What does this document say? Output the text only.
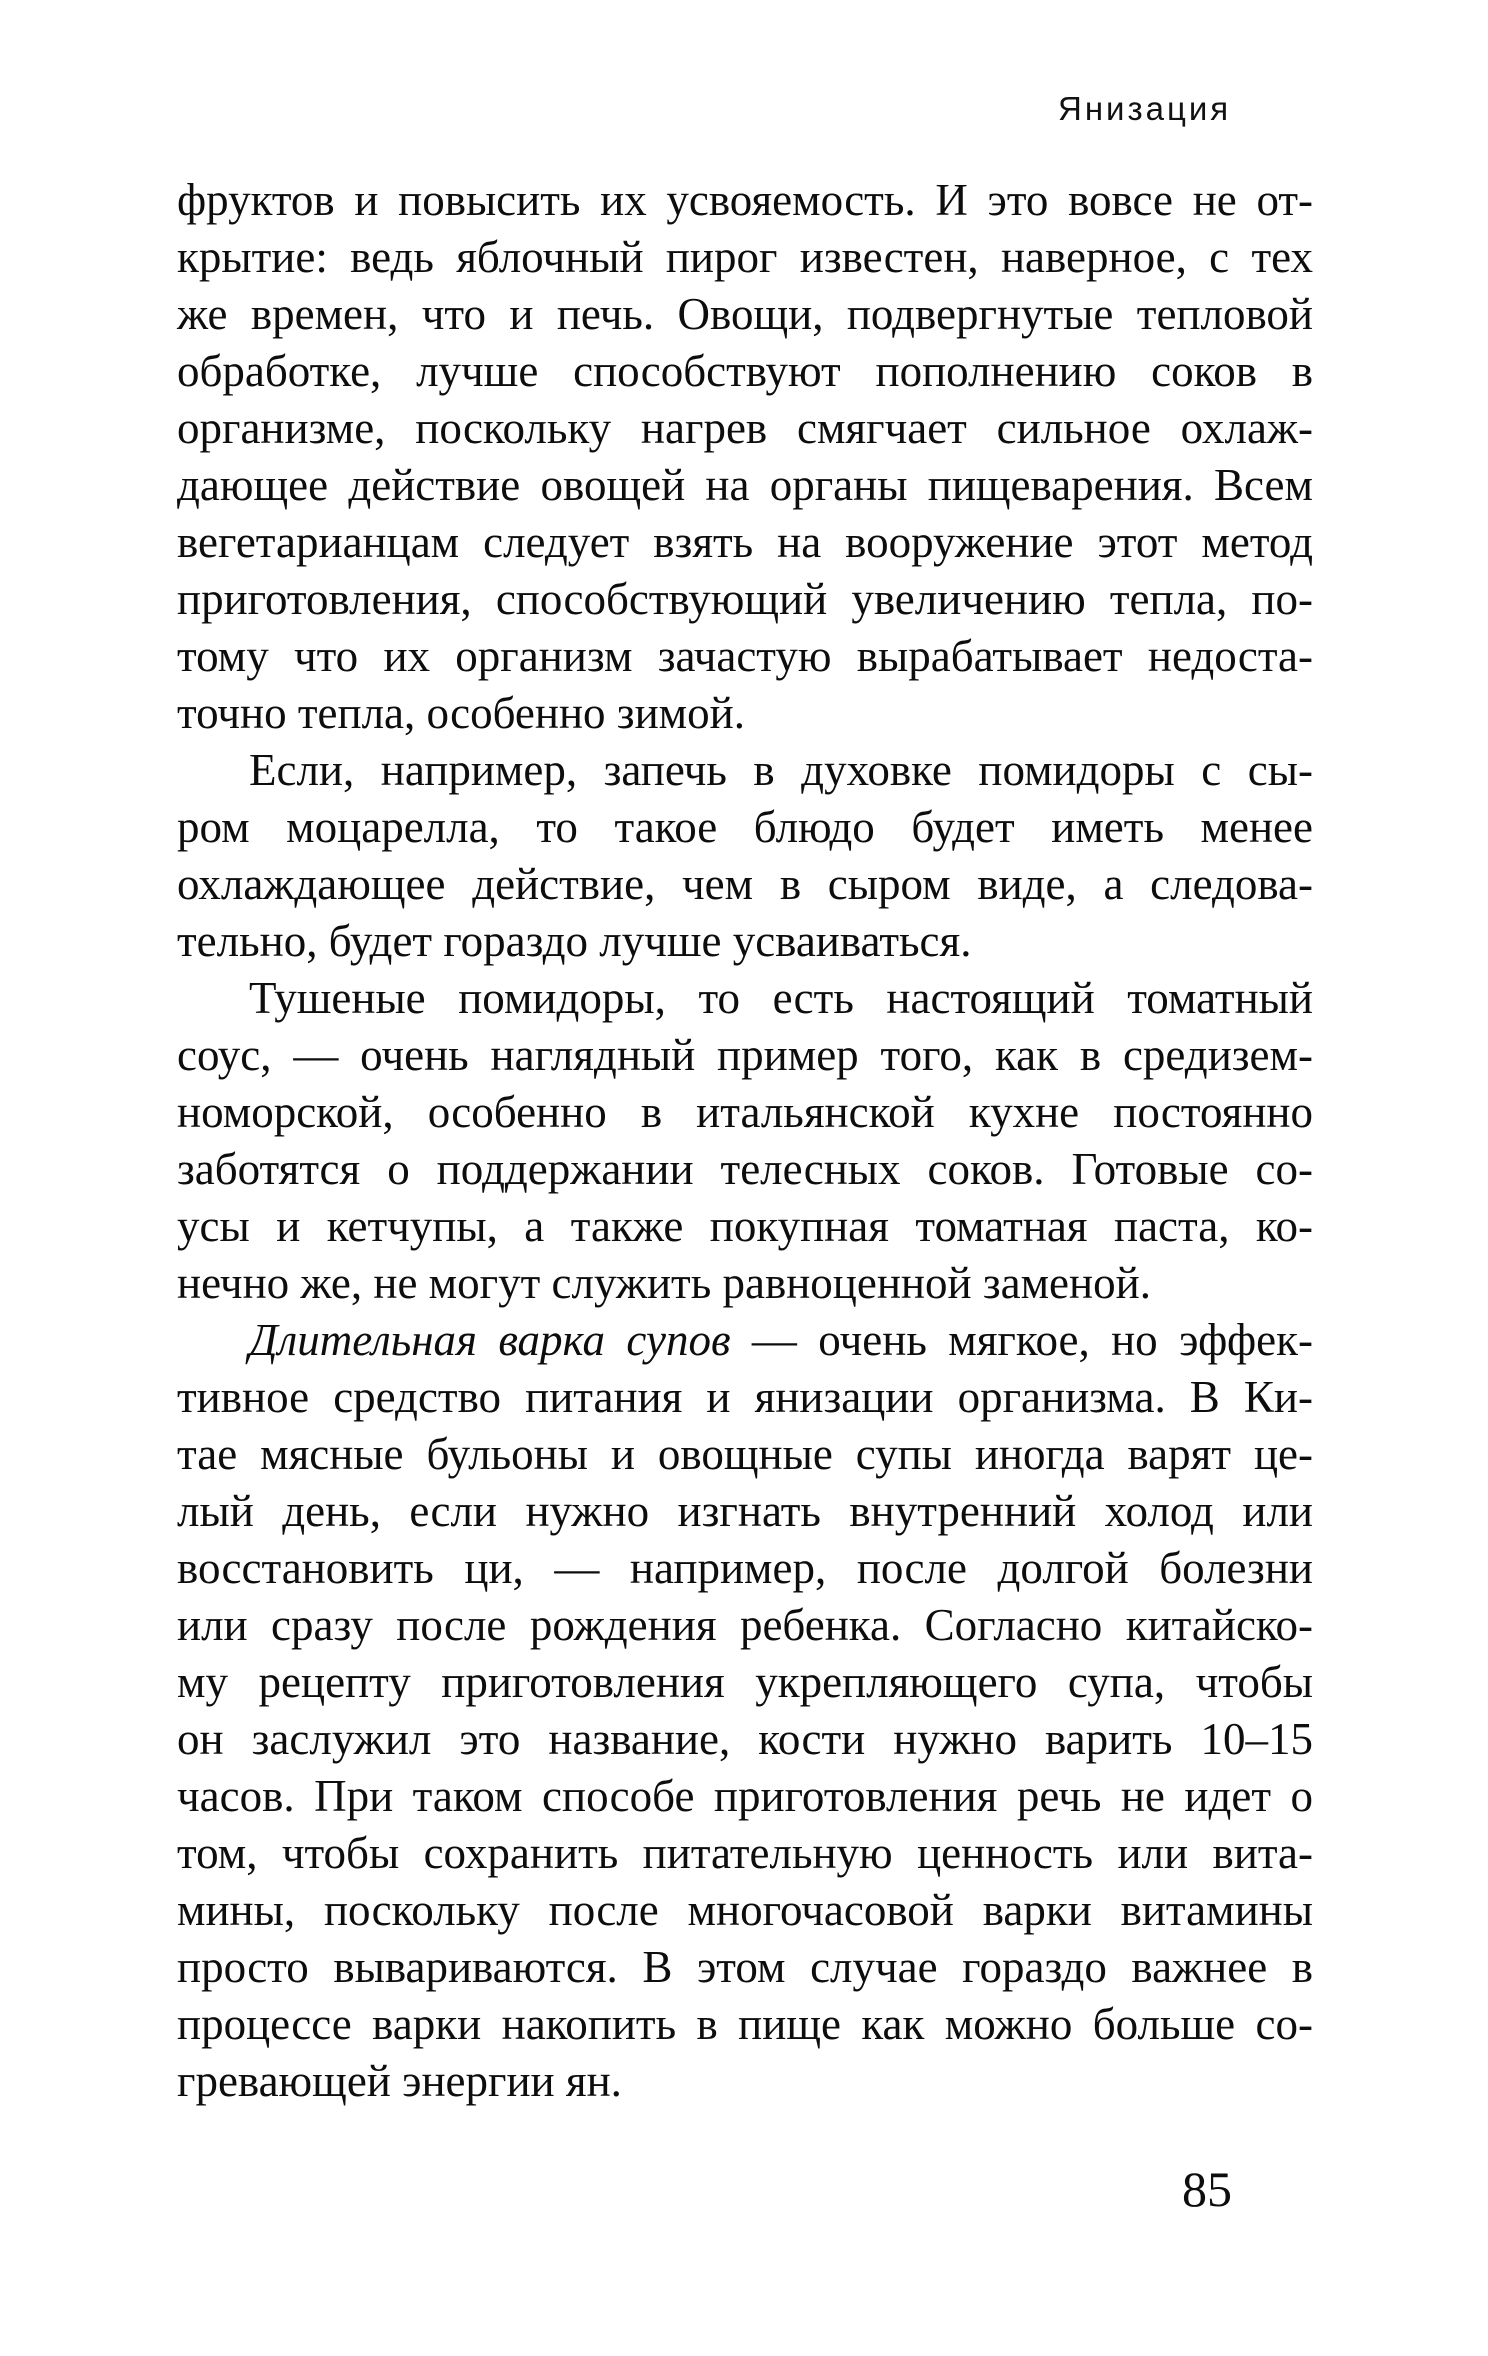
Янизация
фруктов и повысить их усвояемость. И это вовсе не от-
крытие: ведь яблочный пирог известен, наверное, с тех
же времен, что и печь. Овощи, подвергнутые тепловой
обработке, лучше способствуют пополнению соков в
организме, поскольку нагрев смягчает сильное охлаж-
дающее действие овощей на органы пищеварения. Всем
вегетарианцам следует взять на вооружение этот метод
приготовления, способствующий увеличению тепла, по-
тому что их организм зачастую вырабатывает недоста-
точно тепла, особенно зимой.
Если, например, запечь в духовке помидоры с сы-
ром моцарелла, то такое блюдо будет иметь менее
охлаждающее действие, чем в сыром виде, а следова-
тельно, будет гораздо лучше усваиваться.
Тушеные помидоры, то есть настоящий томатный
соус, — очень наглядный пример того, как в средизем-
номорской, особенно в итальянской кухне постоянно
заботятся о поддержании телесных соков. Готовые со-
усы и кетчупы, а также покупная томатная паста, ко-
нечно же, не могут служить равноценной заменой.
Длительная варка супов — очень мягкое, но эффек-
тивное средство питания и янизации организма. В Ки-
тае мясные бульоны и овощные супы иногда варят це-
лый день, если нужно изгнать внутренний холод или
восстановить ци, — например, после долгой болезни
или сразу после рождения ребенка. Согласно китайско-
му рецепту приготовления укрепляющего супа, чтобы
он заслужил это название, кости нужно варить 10–15
часов. При таком способе приготовления речь не идет о
том, чтобы сохранить питательную ценность или вита-
мины, поскольку после многочасовой варки витамины
просто вывариваются. В этом случае гораздо важнее в
процессе варки накопить в пище как можно больше со-
гревающей энергии ян.
85
